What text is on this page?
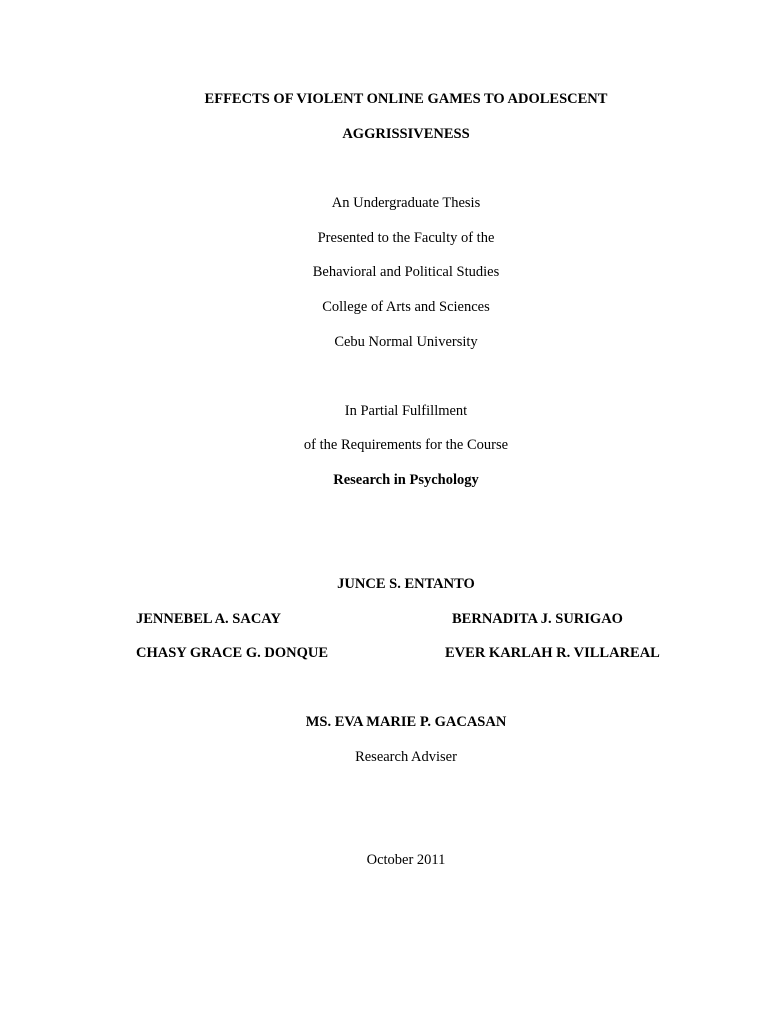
EFFECTS OF VIOLENT ONLINE GAMES TO ADOLESCENT
AGGRISSIVENESS
An Undergraduate Thesis
Presented to the Faculty of the
Behavioral and Political Studies
College of Arts and Sciences
Cebu Normal University
In Partial Fulfillment
of the Requirements for the Course
Research in Psychology
JUNCE S. ENTANTO
JENNEBEL A. SACAY	BERNADITA J. SURIGAO
CHASY GRACE G. DONQUE	EVER KARLAH R. VILLAREAL
MS. EVA MARIE P. GACASAN
Research Adviser
October 2011
